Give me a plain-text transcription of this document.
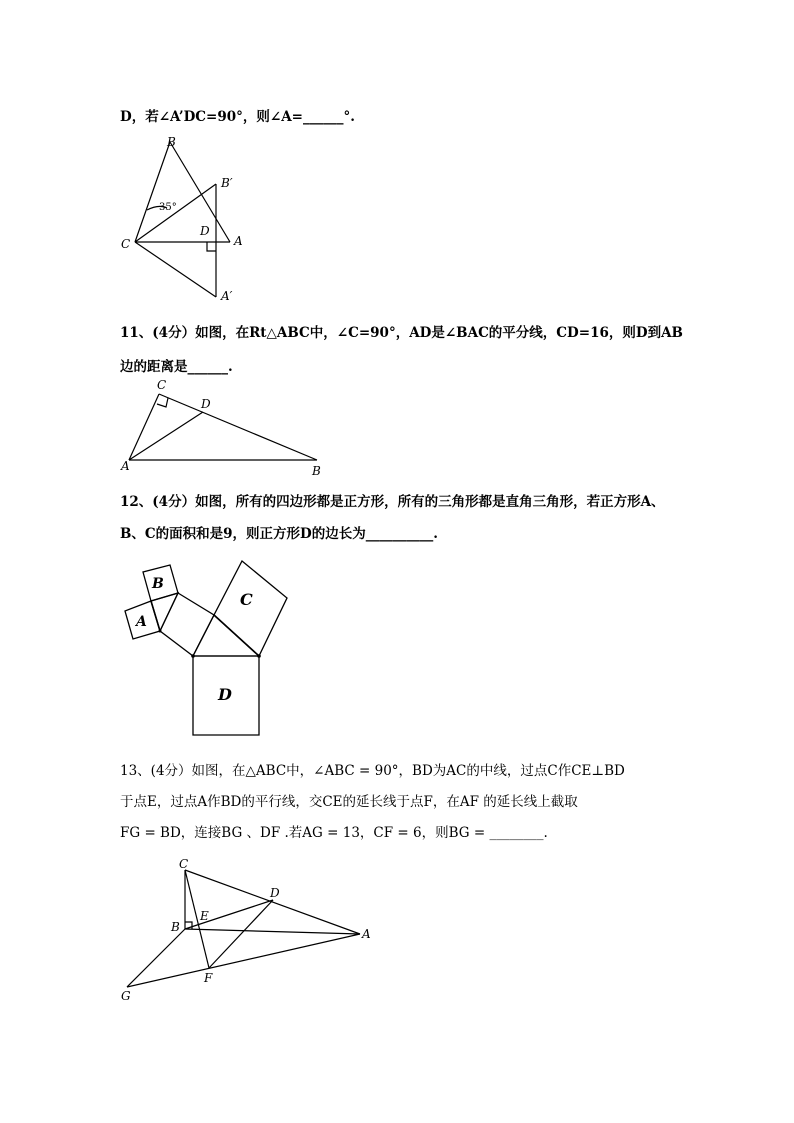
D，若∠A’DC=90°，则∠A=______°.
B
B′
C
D
A
A′
35°
11、(4分）如图，在Rt△ABC中，∠C=90°，AD是∠BAC的平分线，CD=16，则D到AB
边的距离是______.
C
D
A	B
12、(4分）如图，所有的四边形都是正方形，所有的三角形都是直角三角形，若正方形A、
B、C的面积和是9，则正方形D的边长为__________.
A
B
C
D
13、(4分）如图，在△ABC中，∠ABC = 90°，BD为AC的中线，过点C作CE⊥BD
于点E，过点A作BD的平行线，交CE的延长线于点F，在AF 的延长线上截取
FG = BD，连接BG 、DF .若AG = 13，CF = 6，则BG = ________.
C
D
E
B	A
F
G
